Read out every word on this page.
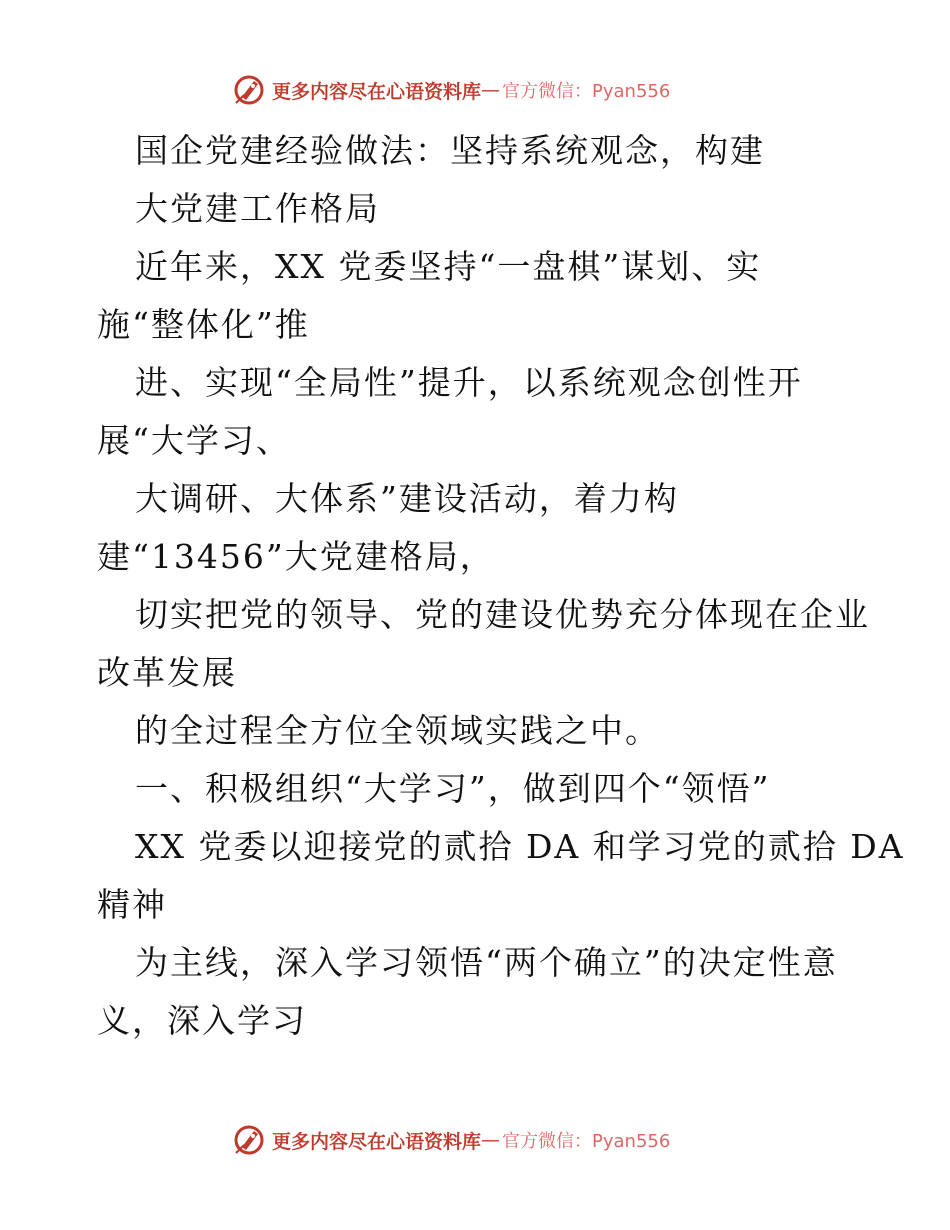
更多内容尽在心语资料库 — 官方微信：Pyan556
国企党建经验做法：坚持系统观念，构建
大党建工作格局
近年来，XX 党委坚持“一盘棋”谋划、实
施“整体化”推
进、实现“全局性”提升，以系统观念创性开
展“大学习、
大调研、大体系”建设活动，着力构
建“13456”大党建格局，
切实把党的领导、党的建设优势充分体现在企业
改革发展
的全过程全方位全领域实践之中。
一、积极组织“大学习”，做到四个“领悟”
XX 党委以迎接党的贰拾 DA 和学习党的贰拾 DA
精神
为主线，深入学习领悟“两个确立”的决定性意
义，深入学习
更多内容尽在心语资料库 — 官方微信：Pyan556
